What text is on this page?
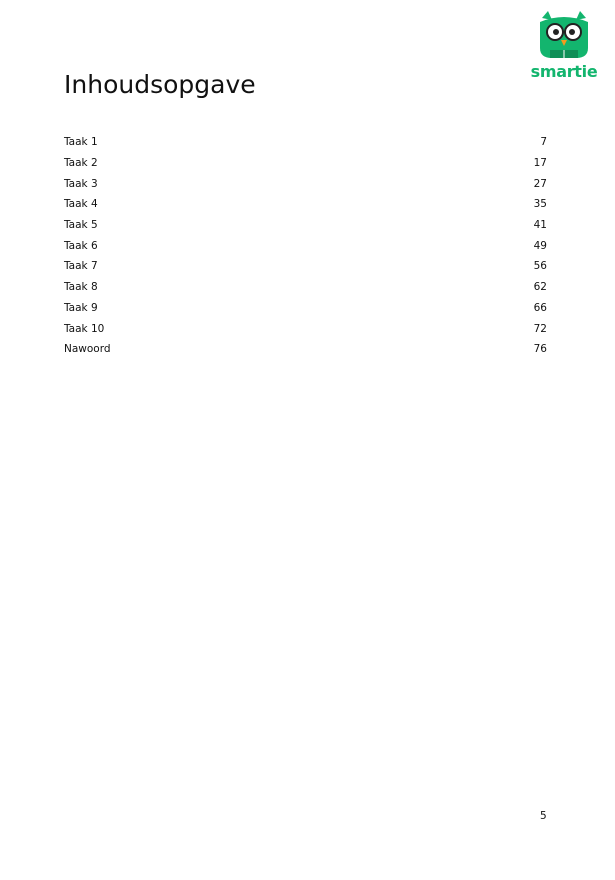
smartie
Inhoudsopgave
Taak 1	7
Taak 2	17
Taak 3	27
Taak 4	35
Taak 5	41
Taak 6	49
Taak 7	56
Taak 8	62
Taak 9	66
Taak 10	72
Nawoord	76
5
